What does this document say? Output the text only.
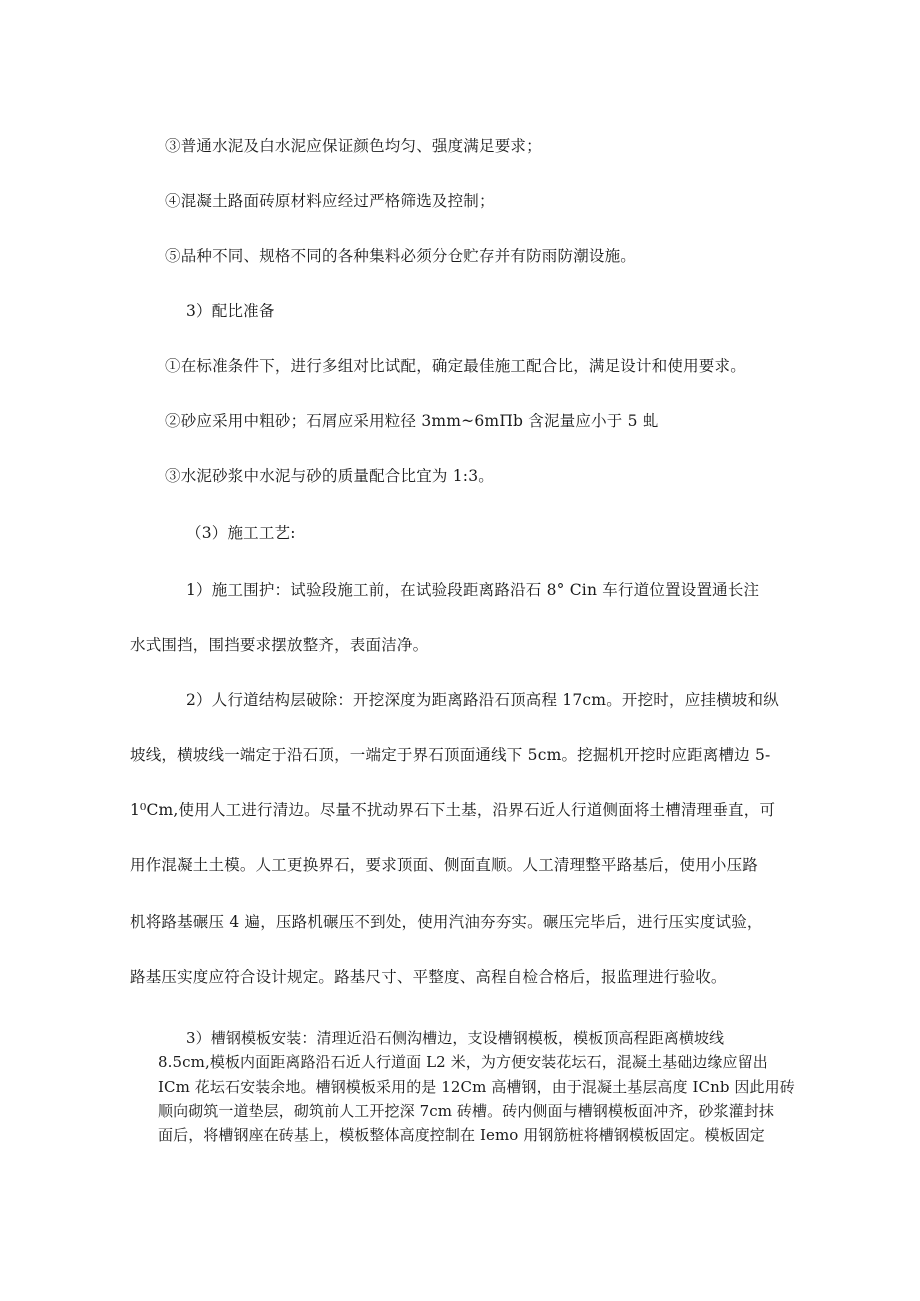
③普通水泥及白水泥应保证颜色均匀、强度满足要求；
④混凝土路面砖原材料应经过严格筛选及控制；
⑤品种不同、规格不同的各种集料必须分仓贮存并有防雨防潮设施。
3）配比准备
①在标准条件下，进行多组对比试配，确定最佳施工配合比，满足设计和使用要求。
②砂应采用中粗砂；石屑应采用粒径 3mm~6mΠb 含泥量应小于 5 虬
③水泥砂浆中水泥与砂的质量配合比宜为 1:3。
（3）施工工艺:
1）施工围护：试验段施工前，在试验段距离路沿石 8° Cin 车行道位置设置通长注
水式围挡，围挡要求摆放整齐，表面洁净。
2）人行道结构层破除：开挖深度为距离路沿石顶高程 17cm。开挖时，应挂横坡和纵
坡线，横坡线一端定于沿石顶，一端定于界石顶面通线下 5cm。挖掘机开挖时应距离槽边 5-
1⁰Cm,使用人工进行清边。尽量不扰动界石下土基，沿界石近人行道侧面将土槽清理垂直，可
用作混凝土土模。人工更换界石，要求顶面、侧面直顺。人工清理整平路基后，使用小压路
机将路基碾压 4 遍，压路机碾压不到处，使用汽油夯夯实。碾压完毕后，进行压实度试验，
路基压实度应符合设计规定。路基尺寸、平整度、高程自检合格后，报监理进行验收。
3）槽钢模板安装：清理近沿石侧沟槽边，支设槽钢模板，模板顶高程距离横坡线
8.5cm,模板内面距离路沿石近人行道面 L2 米，为方便安装花坛石，混凝土基础边缘应留出
ICm 花坛石安装余地。槽钢模板采用的是 12Cm 高槽钢，由于混凝土基层高度 ICnb 因此用砖
顺向砌筑一道垫层，砌筑前人工开挖深 7cm 砖槽。砖内侧面与槽钢模板面冲齐，砂浆灌封抹
面后，将槽钢座在砖基上，模板整体高度控制在 Iemo 用钢筋桩将槽钢模板固定。模板固定
